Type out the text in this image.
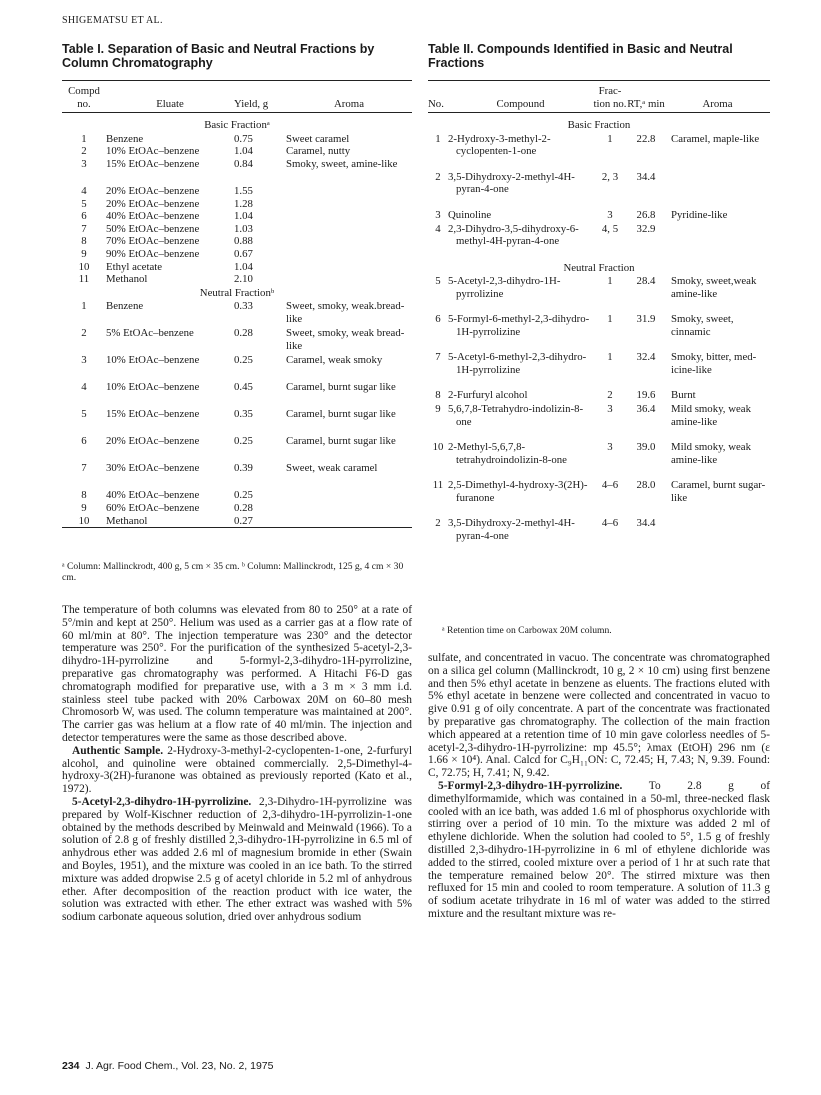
SHIGEMATSU ET AL.
Table I. Separation of Basic and Neutral Fractions by Column Chromatography
Compd no.	Eluate	Yield, g	Aroma
Basic Fractionᵃ			
1	Benzene	0.75	Sweet caramel
2	10% EtOAc–benzene	1.04	Caramel, nutty
3	15% EtOAc–benzene	0.84	Smoky, sweet, amine-like
4	20% EtOAc–benzene	1.55	
5	20% EtOAc–benzene	1.28	
6	40% EtOAc–benzene	1.04	
7	50% EtOAc–benzene	1.03	
8	70% EtOAc–benzene	0.88	
9	90% EtOAc–benzene	0.67	
10	Ethyl acetate	1.04	
11	Methanol	2.10	
Neutral Fractionᵇ			
1	Benzene	0.33	Sweet, smoky, weak.bread-like
2	5% EtOAc–benzene	0.28	Sweet, smoky, weak bread-like
3	10% EtOAc–benzene	0.25	Caramel, weak smoky
4	10% EtOAc–benzene	0.45	Caramel, burnt sugar like
5	15% EtOAc–benzene	0.35	Caramel, burnt sugar like
6	20% EtOAc–benzene	0.25	Caramel, burnt sugar like
7	30% EtOAc–benzene	0.39	Sweet, weak caramel
8	40% EtOAc–benzene	0.25	
9	60% EtOAc–benzene	0.28	
10	Methanol	0.27	
ᵃ Column: Mallinckrodt, 400 g, 5 cm × 35 cm. ᵇ Column: Mallinckrodt, 125 g, 4 cm × 30 cm.
Table II. Compounds Identified in Basic and Neutral Fractions
No.	Compound	Frac-tion no.	RT,ᵃ min	Aroma
Basic Fraction				
1	2-Hydroxy-3-methyl-2-cyclopenten-1-one	1	22.8	Caramel, maple-like
2	3,5-Dihydroxy-2-methyl-4H-pyran-4-one	2, 3	34.4	
3	Quinoline	3	26.8	Pyridine-like
4	2,3-Dihydro-3,5-dihydroxy-6-methyl-4H-pyran-4-one	4, 5	32.9	
Neutral Fraction				
5	5-Acetyl-2,3-dihydro-1H-pyrrolizine	1	28.4	Smoky, sweet,weak amine-like
6	5-Formyl-6-methyl-2,3-dihydro-1H-pyrrolizine	1	31.9	Smoky, sweet, cinnamic
7	5-Acetyl-6-methyl-2,3-dihydro-1H-pyrrolizine	1	32.4	Smoky, bitter, med-icine-like
8	2-Furfuryl alcohol	2	19.6	Burnt
9	5,6,7,8-Tetrahydro-indolizin-8-one	3	36.4	Mild smoky, weak amine-like
10	2-Methyl-5,6,7,8-tetrahydroindolizin-8-one	3	39.0	Mild smoky, weak amine-like
11	2,5-Dimethyl-4-hydroxy-3(2H)-furanone	4–6	28.0	Caramel, burnt sugar-like
2	3,5-Dihydroxy-2-methyl-4H-pyran-4-one	4–6	34.4	
ᵃ Retention time on Carbowax 20M column.

The temperature of both columns was elevated from 80 to 250° at a rate of 5°/min and kept at 250°. Helium was used as a carrier gas at a flow rate of 60 ml/min at 80°. The injection temperature was 230° and the detector temperature was 250°. For the purification of the synthesized 5-acetyl-2,3-dihydro-1H-pyrrolizine and 5-formyl-2,3-dihydro-1H-pyrrolizine, preparative gas chromatography was performed. A Hitachi F6-D gas chromatograph modified for preparative use, with a 3 m × 3 mm i.d. stainless steel tube packed with 20% Carbowax 20M on 60–80 mesh Chromosorb W, was used. The column temperature was maintained at 200°. The carrier gas was helium at a flow rate of 40 ml/min. The injection and detector temperatures were the same as those described above.

Authentic Sample. 2-Hydroxy-3-methyl-2-cyclopenten-1-one, 2-furfuryl alcohol, and quinoline were obtained commercially. 2,5-Dimethyl-4-hydroxy-3(2H)-furanone was obtained as previously reported (Kato et al., 1972).

5-Acetyl-2,3-dihydro-1H-pyrrolizine. 2,3-Dihydro-1H-pyrrolizine was prepared by Wolf-Kischner reduction of 2,3-dihydro-1H-pyrrolizin-1-one obtained by the methods described by Meinwald and Meinwald (1966). To a solution of 2.8 g of freshly distilled 2,3-dihydro-1H-pyrrolizine in 6.5 ml of anhydrous ether was added 2.6 ml of magnesium bromide in ether (Swain and Boyles, 1951), and the mixture was cooled in an ice bath. To the stirred mixture was added dropwise 2.5 g of acetyl chloride in 5.2 ml of anhydrous ether. After decomposition of the reaction product with ice water, the solution was extracted with ether. The ether extract was washed with 5% sodium carbonate aqueous solution, dried over anhydrous sodium

sulfate, and concentrated in vacuo. The concentrate was chromatographed on a silica gel column (Mallinckrodt, 10 g, 2 × 10 cm) using first benzene and then 5% ethyl acetate in benzene as eluents. The fractions eluted with 5% ethyl acetate in benzene were collected and concentrated in vacuo to give 0.91 g of oily concentrate. A part of the concentrate was fractionated by preparative gas chromatography. The collection of the main fraction which appeared at a retention time of 10 min gave colorless needles of 5-acetyl-2,3-dihydro-1H-pyrrolizine: mp 45.5°; λmax (EtOH) 296 nm (ε 1.66 × 10⁴). Anal. Calcd for C₉H₁₁ON: C, 72.45; H, 7.43; N, 9.39. Found: C, 72.75; H, 7.41; N, 9.42.

5-Formyl-2,3-dihydro-1H-pyrrolizine. To 2.8 g of dimethylformamide, which was contained in a 50-ml, three-necked flask cooled with an ice bath, was added 1.6 ml of phosphorus oxychloride with stirring over a period of 10 min. To the mixture was added 2 ml of ethylene dichloride. When the solution had cooled to 5°, 1.5 g of freshly distilled 2,3-dihydro-1H-pyrrolizine in 6 ml of ethylene dichloride was added to the stirred, cooled mixture over a period of 1 hr at such rate that the temperature remained below 20°. The stirred mixture was then refluxed for 15 min and cooled to room temperature. A solution of 11.3 g of sodium acetate trihydrate in 16 ml of water was added to the stirred mixture and the resultant mixture was re-

234 J. Agr. Food Chem., Vol. 23, No. 2, 1975
